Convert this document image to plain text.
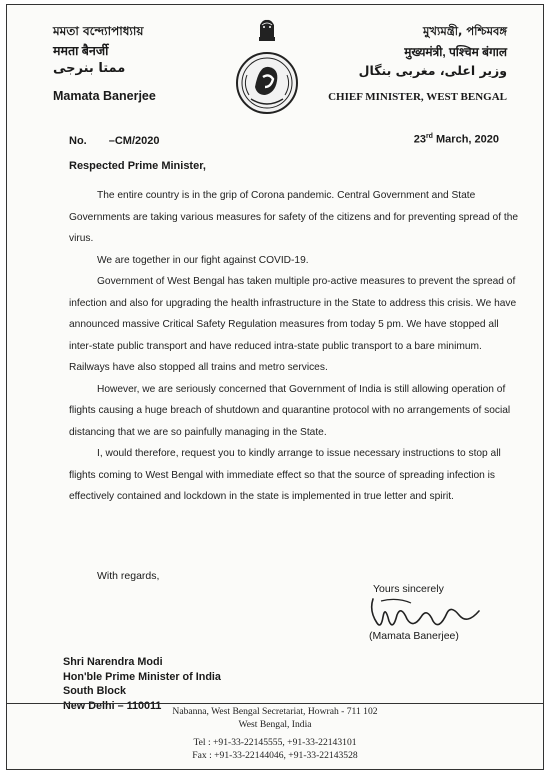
মমতা বন্দ্যোপাধ্যায়
ममता बैनर्जी
ممتا بنرجی
Mamata Banerjee
মুখ্যমন্ত্রী, পশ্চিমবঙ্গ
मुख्यमंत्री, पश्चिम बंगाल
وزیر اعلی، مغربی بنگال
CHIEF MINISTER, WEST BENGAL
No. –CM/2020	23rd March, 2020
Respected Prime Minister,

The entire country is in the grip of Corona pandemic. Central Government and State Governments are taking various measures for safety of the citizens and for preventing spread of the virus.

We are together in our fight against COVID-19.

Government of West Bengal has taken multiple pro-active measures to prevent the spread of infection and also for upgrading the health infrastructure in the State to address this crisis. We have announced massive Critical Safety Regulation measures from today 5 pm. We have stopped all inter-state public transport and have reduced intra-state public transport to a bare minimum. Railways have also stopped all trains and metro services.

However, we are seriously concerned that Government of India is still allowing operation of flights causing a huge breach of shutdown and quarantine protocol with no arrangements of social distancing that we are so painfully managing in the State.

I, would therefore, request you to kindly arrange to issue necessary instructions to stop all flights coming to West Bengal with immediate effect so that the source of spreading infection is effectively contained and lockdown in the state is implemented in true letter and spirit.

With regards,
Yours sincerely
(Mamata Banerjee)
Shri Narendra Modi
Hon'ble Prime Minister of India
South Block
New Delhi – 110011	Nabanna, West Bengal Secretariat, Howrah - 711 102
West Bengal, India
Tel : +91-33-22145555, +91-33-22143101
Fax : +91-33-22144046, +91-33-22143528
